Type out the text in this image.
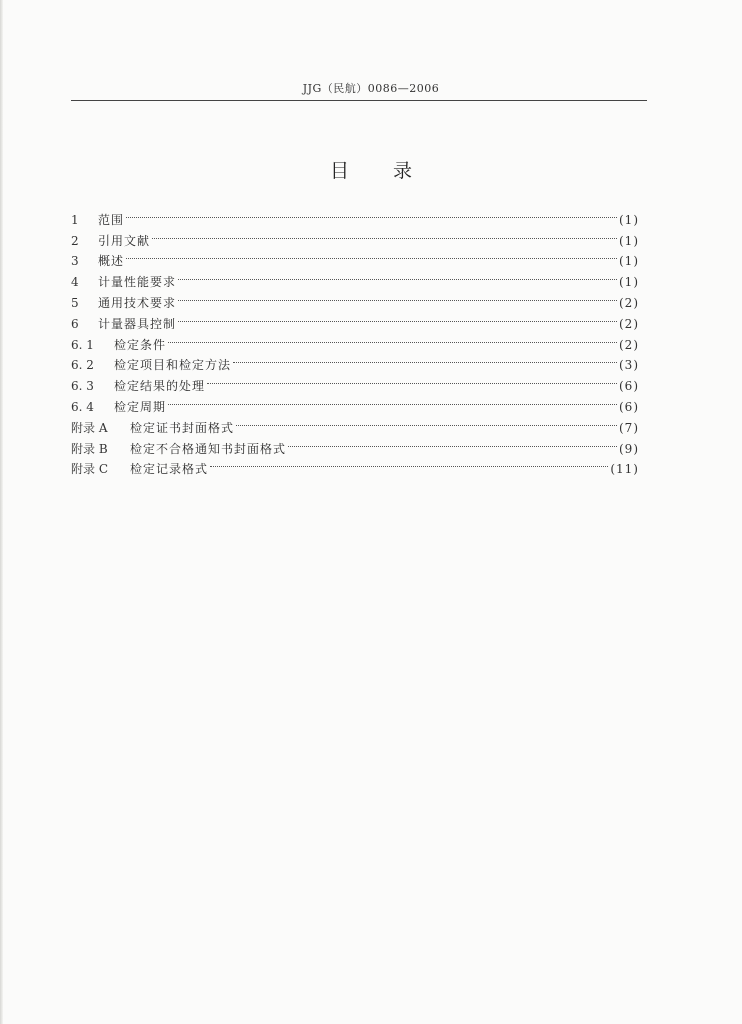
JJG（民航）0086—2006
目录
1	范围	(1)
2	引用文献	(1)
3	概述	(1)
4	计量性能要求	(1)
5	通用技术要求	(2)
6	计量器具控制	(2)
6. 1	检定条件	(2)
6. 2	检定项目和检定方法	(3)
6. 3	检定结果的处理	(6)
6. 4	检定周期	(6)
附录 A	检定证书封面格式	(7)
附录 B	检定不合格通知书封面格式	(9)
附录 C	检定记录格式	(11)
